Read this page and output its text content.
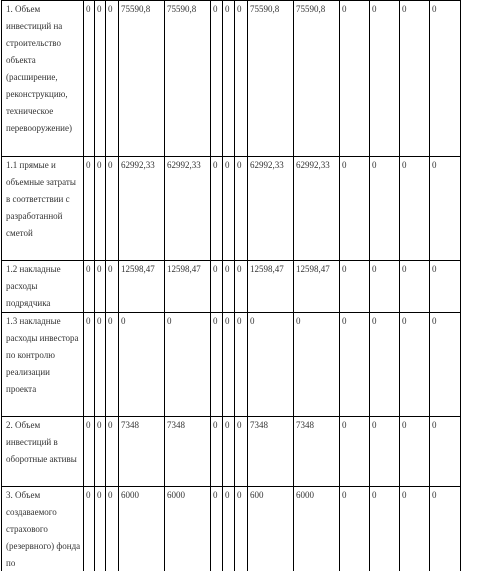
1. Объем инвестиций на строительство объекта (расширение, реконструкцию, техническое перевооружение)	0	0	0	75590,8	75590,8	0	0	0	75590,8	75590,8	0	0	0	0
1.1 прямые и объемные затраты в соответствии с разработанной сметой	0	0	0	62992,33	62992,33	0	0	0	62992,33	62992,33	0	0	0	0
1.2 накладные расходы подрядчика	0	0	0	12598,47	12598,47	0	0	0	12598,47	12598,47	0	0	0	0
1.3 накладные расходы инвестора по контролю реализации проекта	0	0	0	0	0	0	0	0	0	0	0	0	0	0
2. Объем инвестиций в оборотные активы	0	0	0	7348	7348	0	0	0	7348	7348	0	0	0	0
3. Объем создаваемого страхового (резервного) фонда по	0	0	0	6000	6000	0	0	0	600	6000	0	0	0	0
